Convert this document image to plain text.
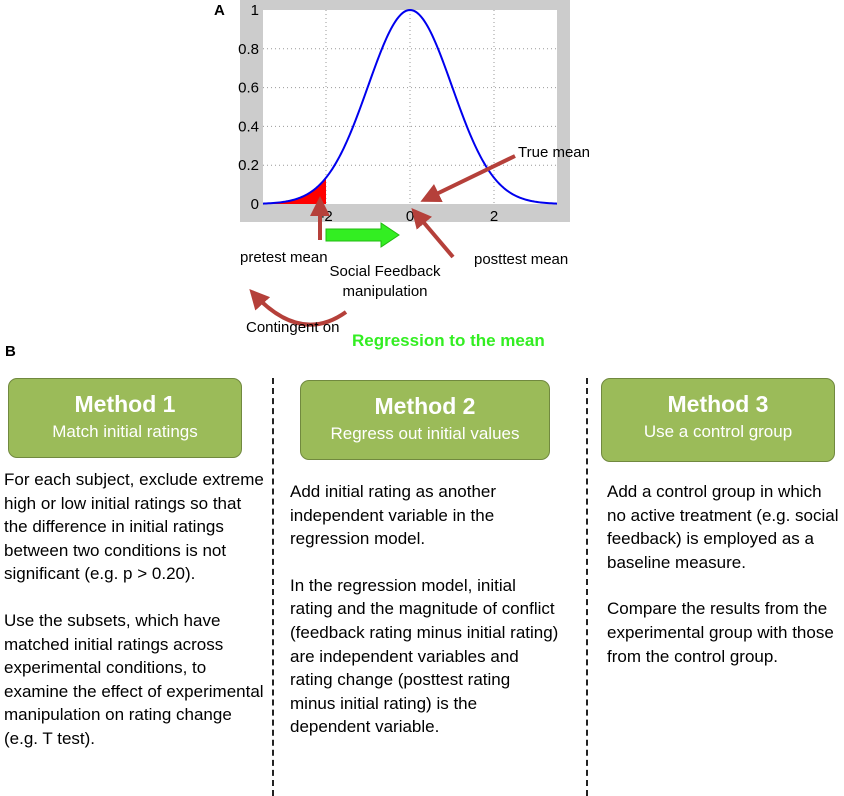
A
0
0.2
0.4
0.6
0.8
1
-2	0	2
True mean
pretest mean	posttest mean
Social Feedback
manipulation
Contingent on
Regression to the mean
B
Method 1
Match initial ratings
Method 2
Regress out initial values
Method 3
Use a control group

For each subject, exclude extreme high or low initial ratings so that the difference in initial ratings between two conditions is not significant (e.g. p > 0.20).

Use the subsets, which have matched initial ratings across experimental conditions, to examine the effect of experimental manipulation on rating change (e.g. T test).

Add initial rating as another independent variable in the regression model.

In the regression model, initial rating and the magnitude of conflict (feedback rating minus initial rating) are independent variables and rating change (posttest rating minus initial rating) is the dependent variable.

Add a control group in which no active treatment (e.g. social feedback) is employed as a baseline measure.

Compare the results from the experimental group with those from the control group.
